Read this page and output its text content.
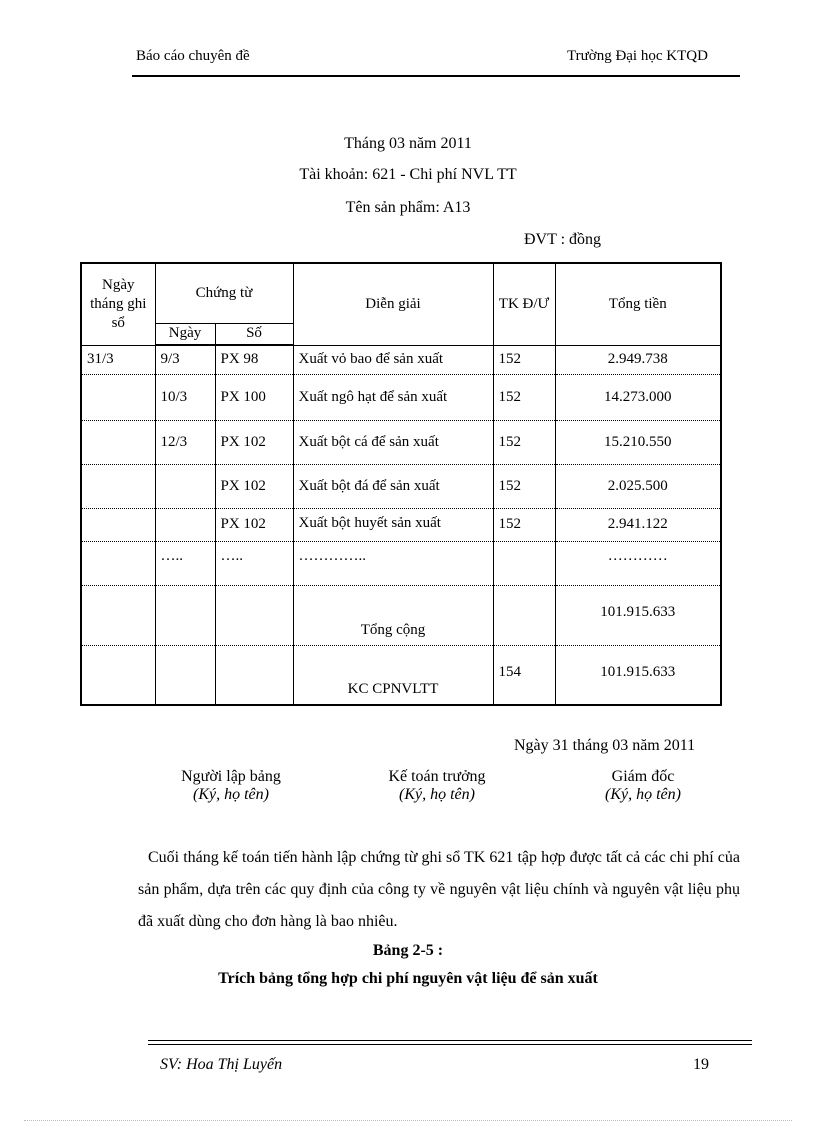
Báo cáo chuyên đề	Trường Đại học KTQD
Tháng 03 năm 2011
Tài khoản: 621 - Chi phí NVL TT
Tên sản phẩm: A13
ĐVT : đồng
Ngày tháng ghi sổ	Chứng từ		Diễn giải	TK Đ/Ư	Tổng tiền
	Ngày	Số			
31/3	9/3	PX 98	Xuất vỏ bao để sản xuất	152	2.949.738
	10/3	PX 100	Xuất ngô hạt để sản xuất	152	14.273.000
	12/3	PX 102	Xuất bột cá để sản xuất	152	15.210.550
		PX 102	Xuất bột đá để sản xuất	152	2.025.500
		PX 102	Xuất bột huyết sản xuất	152	2.941.122
	…..	…..	…………..		…………
			Tổng cộng		101.915.633
			KC CPNVLTT	154	101.915.633
Ngày 31 tháng 03 năm 2011
Người lập bảng
(Ký, họ tên)
Kế toán trưởng
(Ký, họ tên)
Giám đốc
(Ký, họ tên)

Cuối tháng kế toán tiến hành lập chứng từ ghi sổ TK 621 tập hợp được tất cả các chi phí của sản phẩm, dựa trên các quy định của công ty về nguyên vật liệu chính và nguyên vật liệu phụ đã xuất dùng cho đơn hàng là bao nhiêu.

Bảng 2-5 :
Trích bảng tổng hợp chi phí nguyên vật liệu để sản xuất
SV: Hoa Thị Luyến	19
